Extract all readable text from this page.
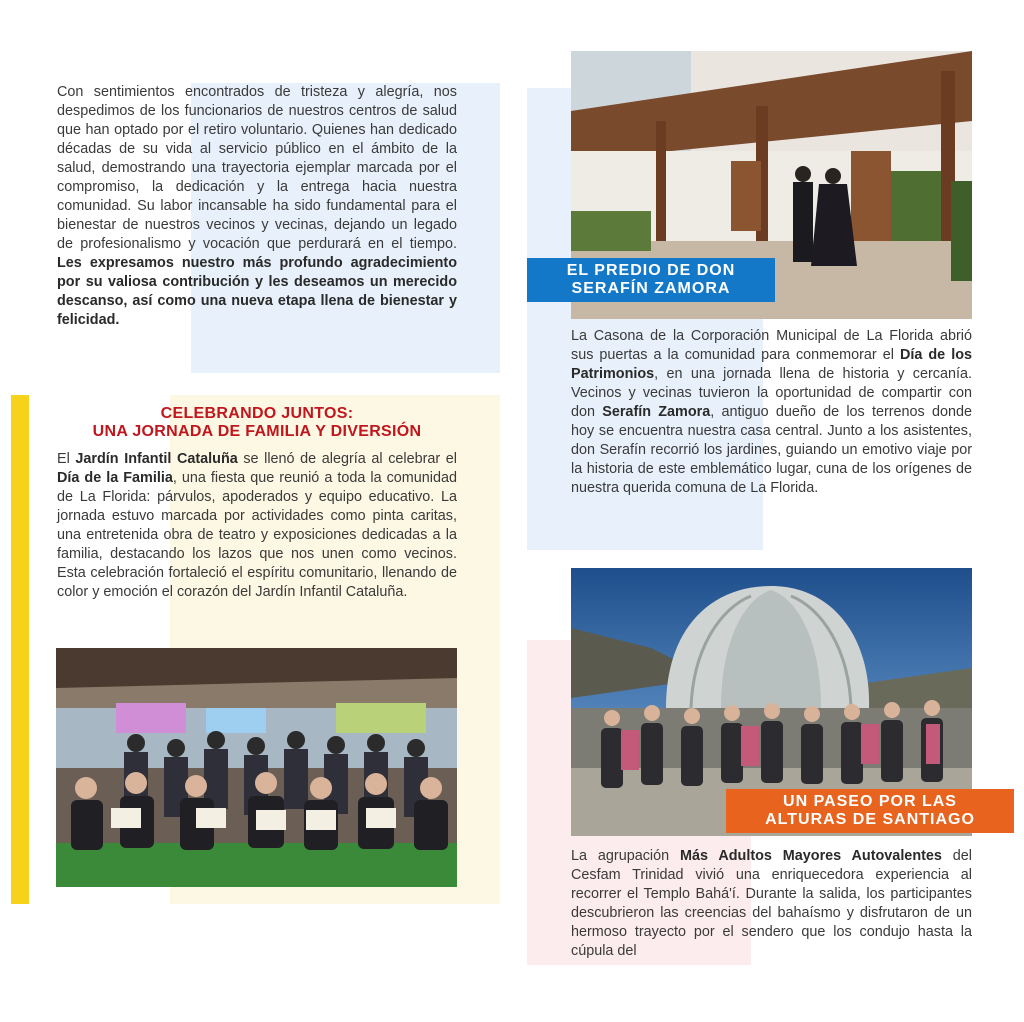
Con sentimientos encontrados de tristeza y alegría, nos despedimos de los funcionarios de nuestros centros de salud que han optado por el retiro voluntario. Quienes han dedicado décadas de su vida al servicio público en el ámbito de la salud, demostrando una trayectoria ejemplar marcada por el compromiso, la dedicación y la entrega hacia nuestra comunidad. Su labor incansable ha sido fundamental para el bienestar de nuestros vecinos y vecinas, dejando un legado de profesionalismo y vocación que perdurará en el tiempo. Les expresamos nuestro más profundo agradecimiento por su valiosa contribución y les deseamos un merecido descanso, así como una nueva etapa llena de bienestar y felicidad.
CELEBRANDO JUNTOS:
UNA JORNADA DE FAMILIA Y DIVERSIÓN
El Jardín Infantil Cataluña se llenó de alegría al celebrar el Día de la Familia, una fiesta que reunió a toda la comunidad de La Florida: párvulos, apoderados y equipo educativo. La jornada estuvo marcada por actividades como pinta caritas, una entretenida obra de teatro y exposiciones dedicadas a la familia, destacando los lazos que nos unen como vecinos. Esta celebración fortaleció el espíritu comunitario, llenando de color y emoción el corazón del Jardín Infantil Cataluña.
EL PREDIO DE DON
SERAFÍN ZAMORA
La Casona de la Corporación Municipal de La Florida abrió sus puertas a la comunidad para conmemorar el Día de los Patrimonios, en una jornada llena de historia y cercanía. Vecinos y vecinas tuvieron la oportunidad de compartir con don Serafín Zamora, antiguo dueño de los terrenos donde hoy se encuentra nuestra casa central. Junto a los asistentes, don Serafín recorrió los jardines, guiando un emotivo viaje por la historia de este emblemático lugar, cuna de los orígenes de nuestra querida comuna de La Florida.
UN PASEO POR LAS
ALTURAS DE SANTIAGO
La agrupación Más Adultos Mayores Autovalentes del Cesfam Trinidad vivió una enriquecedora experiencia al recorrer el Templo Bahá'í. Durante la salida, los participantes descubrieron las creencias del bahaísmo y disfrutaron de un hermoso trayecto por el sendero que los condujo hasta la cúpula del
